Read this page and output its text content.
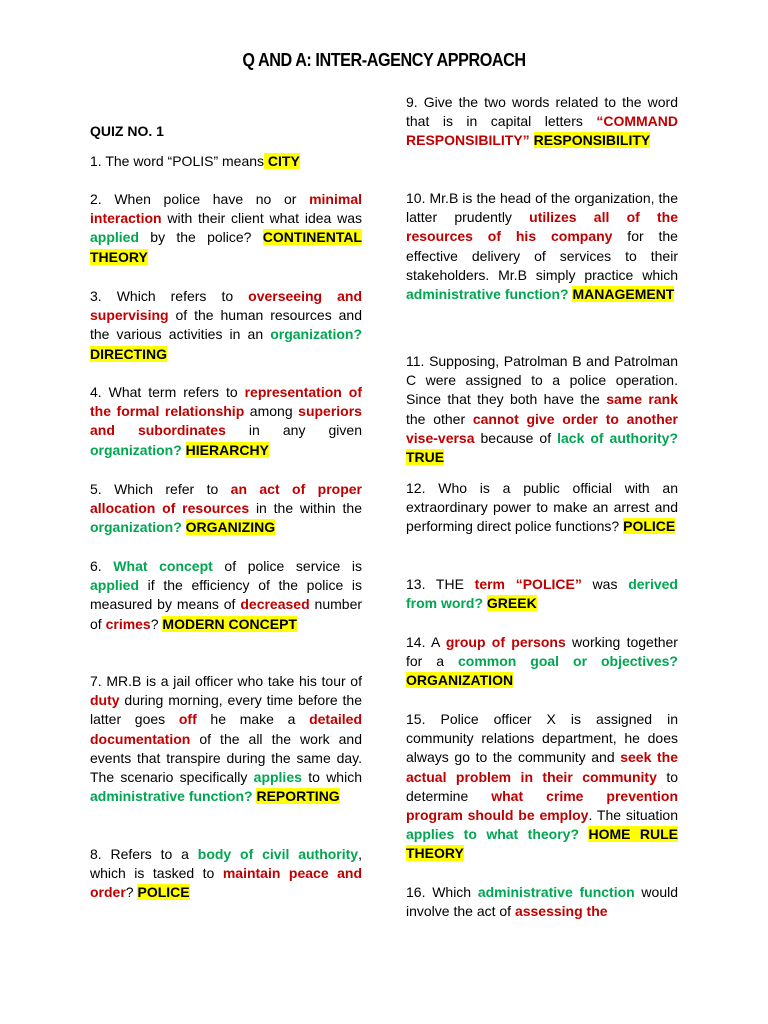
Q AND A: INTER-AGENCY APPROACH
QUIZ NO. 1

1. The word “POLIS” means CITY

2. When police have no or minimal interaction with their client what idea was applied by the police? CONTINENTAL THEORY

3. Which refers to overseeing and supervising of the human resources and the various activities in an organization? DIRECTING

4. What term refers to representation of the formal relationship among superiors and subordinates in any given organization? HIERARCHY

5. Which refer to an act of proper allocation of resources in the within the organization? ORGANIZING

6. What concept of police service is applied if the efficiency of the police is measured by means of decreased number of crimes? MODERN CONCEPT

7. MR.B is a jail officer who take his tour of duty during morning, every time before the latter goes off he make a detailed documentation of the all the work and events that transpire during the same day. The scenario specifically applies to which administrative function? REPORTING

8. Refers to a body of civil authority, which is tasked to maintain peace and order? POLICE

9. Give the two words related to the word that is in capital letters “COMMAND RESPONSIBILITY” RESPONSIBILITY

10. Mr.B is the head of the organization, the latter prudently utilizes all of the resources of his company for the effective delivery of services to their stakeholders. Mr.B simply practice which administrative function? MANAGEMENT

11. Supposing, Patrolman B and Patrolman C were assigned to a police operation. Since that they both have the same rank the other cannot give order to another vise-versa because of lack of authority? TRUE

12. Who is a public official with an extraordinary power to make an arrest and performing direct police functions? POLICE

13. THE term “POLICE” was derived from word? GREEK

14. A group of persons working together for a common goal or objectives? ORGANIZATION

15. Police officer X is assigned in community relations department, he does always go to the community and seek the actual problem in their community to determine what crime prevention program should be employ. The situation applies to what theory? HOME RULE THEORY

16. Which administrative function would involve the act of assessing the
